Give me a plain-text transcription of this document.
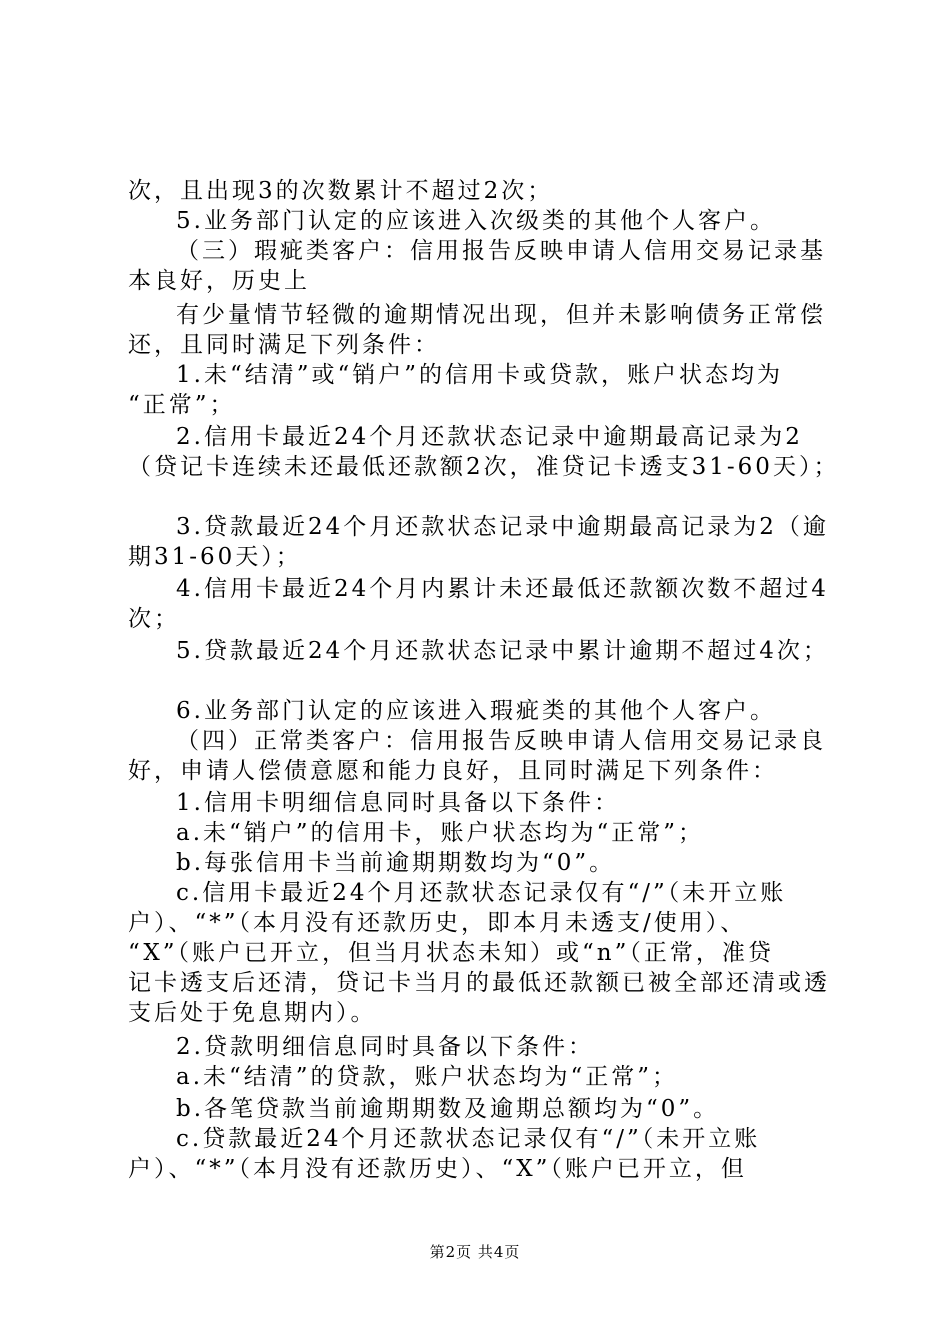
次，且出现3的次数累计不超过2次；
5.业务部门认定的应该进入次级类的其他个人客户。
（三）瑕疵类客户：信用报告反映申请人信用交易记录基
本良好，历史上
有少量情节轻微的逾期情况出现，但并未影响债务正常偿
还，且同时满足下列条件：
1.未“结清”或“销户”的信用卡或贷款，账户状态均为
“正常”；
2.信用卡最近24个月还款状态记录中逾期最高记录为2
（贷记卡连续未还最低还款额2次，准贷记卡透支31-60天）；
3.贷款最近24个月还款状态记录中逾期最高记录为2（逾
期31-60天）；
4.信用卡最近24个月内累计未还最低还款额次数不超过4
次；
5.贷款最近24个月还款状态记录中累计逾期不超过4次；
6.业务部门认定的应该进入瑕疵类的其他个人客户。
（四）正常类客户：信用报告反映申请人信用交易记录良
好，申请人偿债意愿和能力良好，且同时满足下列条件：
1.信用卡明细信息同时具备以下条件：
a.未“销户”的信用卡，账户状态均为“正常”；
b.每张信用卡当前逾期期数均为“0”。
c.信用卡最近24个月还款状态记录仅有“/”（未开立账
户）、“*”（本月没有还款历史，即本月未透支/使用）、
“X”（账户已开立，但当月状态未知）或“n”（正常，准贷
记卡透支后还清，贷记卡当月的最低还款额已被全部还清或透
支后处于免息期内）。
2.贷款明细信息同时具备以下条件：
a.未“结清”的贷款，账户状态均为“正常”；
b.各笔贷款当前逾期期数及逾期总额均为“0”。
c.贷款最近24个月还款状态记录仅有“/”（未开立账
户）、“*”（本月没有还款历史）、“X”（账户已开立，但
第2页 共4页
